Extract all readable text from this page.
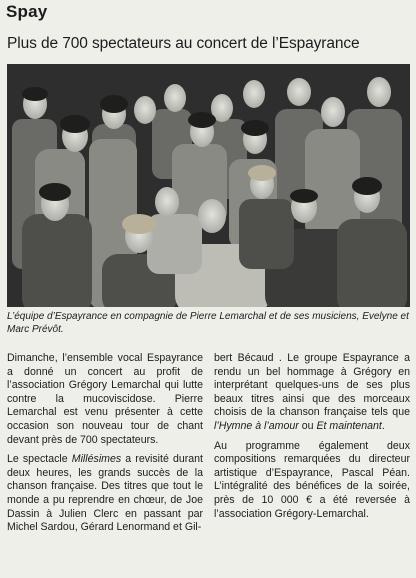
Spay
Plus de 700 spectateurs au concert de l’Espayrance
L’équipe d’Espayrance en compagnie de Pierre Lemarchal et de ses musiciens, Evelyne et Marc Prévôt.

Dimanche, l’ensemble vocal Espayrance a donné un concert au profit de l’association Grégory Lemarchal qui lutte contre la mucoviscidose. Pierre Lemarchal est venu présenter à cette occasion son nouveau tour de chant devant près de 700 spectateurs.

Le spectacle Millésimes a revisité durant deux heures, les grands succès de la chanson française. Des titres que tout le monde a pu reprendre en chœur, de Joe Dassin à Julien Clerc en passant par Michel Sardou, Gérard Lenormand et Gil-

bert Bécaud . Le groupe Espayrance a rendu un bel hommage à Grégory en interprétant quelques-uns de ses plus beaux titres ainsi que des morceaux choisis de la chanson française tels que l’Hymne à l’amour ou Et maintenant.

Au programme également deux compositions remarquées du directeur artistique d’Espayrance, Pascal Péan. L’intégralité des bénéfices de la soirée, près de 10 000 € a été reversée à l’association Grégory-Lemarchal.
